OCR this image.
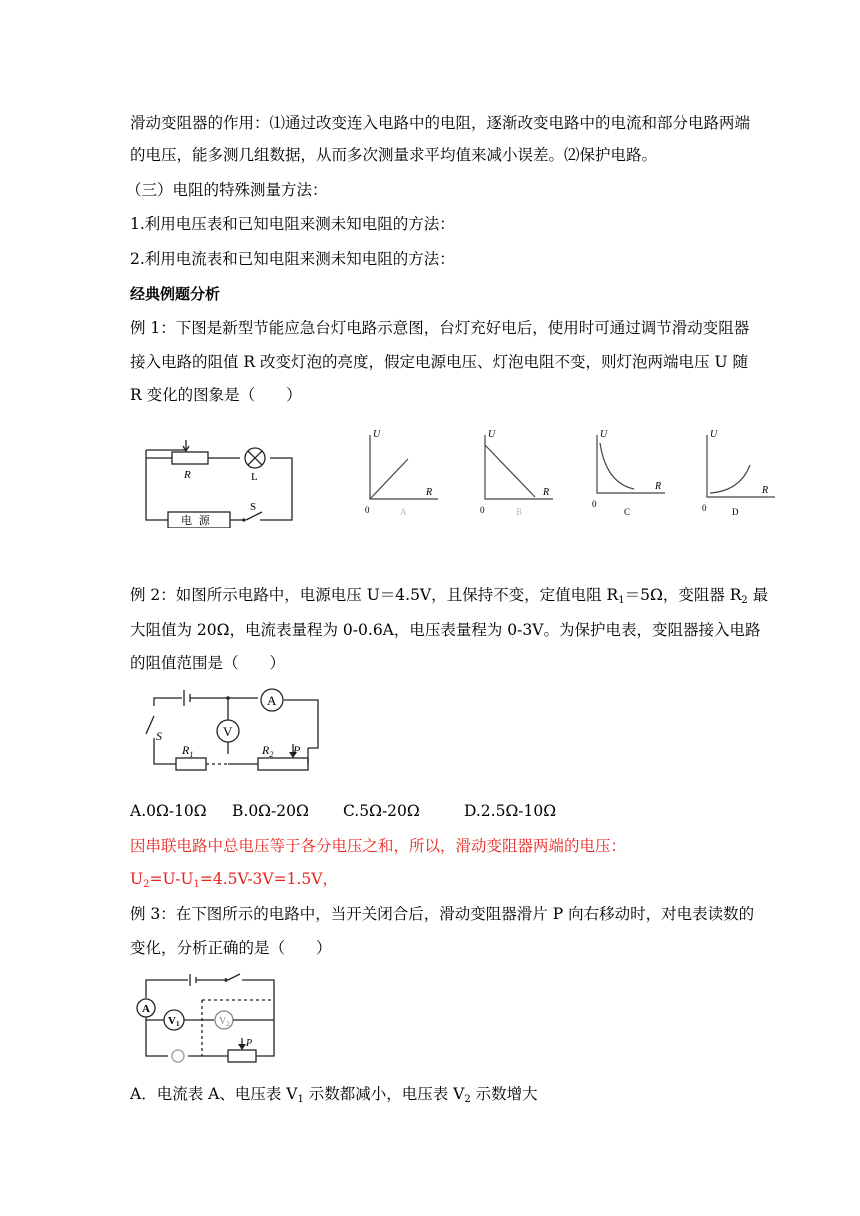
滑动变阻器的作用：⑴通过改变连入电路中的电阻，逐渐改变电路中的电流和部分电路两端
的电压，能多测几组数据，从而多次测量求平均值来减小误差。⑵保护电路。
（三）电阻的特殊测量方法：
1.利用电压表和已知电阻来测未知电阻的方法：
2.利用电流表和已知电阻来测未知电阻的方法：
经典例题分析
例 1：下图是新型节能应急台灯电路示意图，台灯充好电后，使用时可通过调节滑动变阻器
接入电路的阻值 R 改变灯泡的亮度，假定电源电压、灯泡电阻不变，则灯泡两端电压 U 随
R 变化的图象是（　　）
R	L
S
电 源
U	U	U	U
R	R
R	R
0	0
0	0
A	B	C	D
例 2：如图所示电路中，电源电压 U＝4.5V，且保持不变，定值电阻 $R_1=5\Omega$，变阻器 $R_2$ 最
大阻值为 20Ω，电流表量程为 0-0.6A，电压表量程为 0-3V。为保护电表，变阻器接入电路
的阻值范围是（　　）
A
V
S
$R_1$	$R_2$ P
A.0Ω-10Ω B.0Ω-20Ω C.5Ω-20Ω	D.2.5Ω-10Ω
因串联电路中总电压等于各分电压之和，所以，滑动变阻器两端的电压：
$U_2=U-U_1=4.5V-3V=1.5V$，
例 3：在下图所示的电路中，当开关闭合后，滑动变阻器滑片 P 向右移动时，对电表读数的
变化，分析正确的是（　　）
A
V1	$V_2$
P
A．电流表 A、电压表 $V_1$ 示数都减小，电压表 $V_2$ 示数增大
